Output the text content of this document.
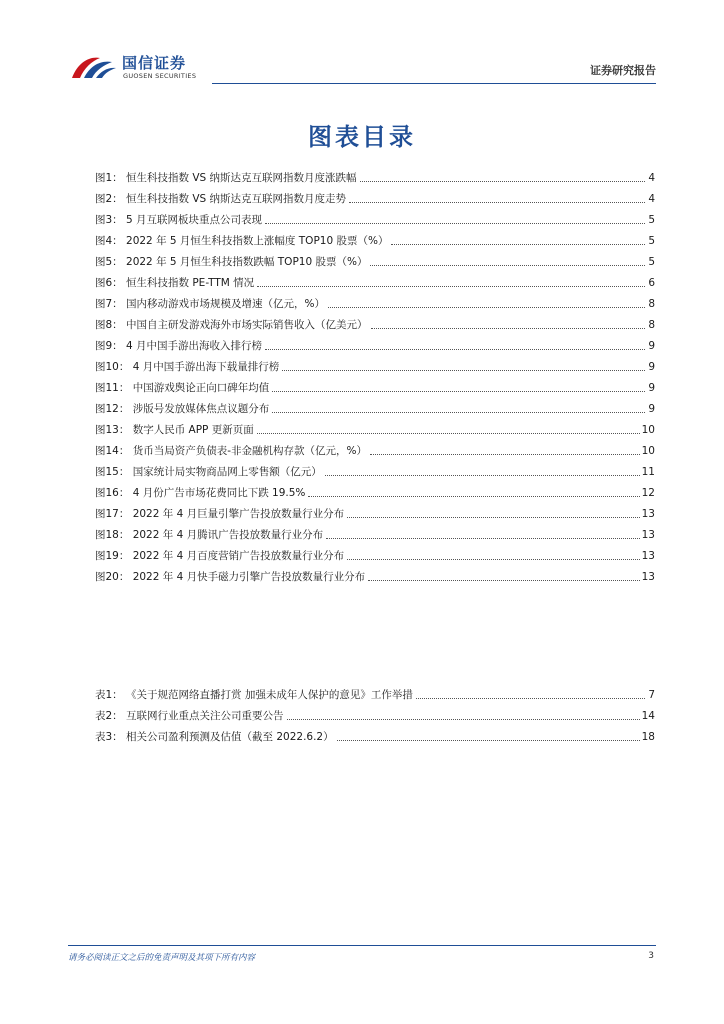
国信证券
GUOSEN SECURITIES	证券研究报告
图表目录
图1： 恒生科技指数 VS 纳斯达克互联网指数月度涨跌幅	4
图2： 恒生科技指数 VS 纳斯达克互联网指数月度走势	4
图3： 5 月互联网板块重点公司表现	5
图4： 2022 年 5 月恒生科技指数上涨幅度 TOP10 股票（%）	5
图5： 2022 年 5 月恒生科技指数跌幅 TOP10 股票（%）	5
图6： 恒生科技指数 PE-TTM 情况	6
图7： 国内移动游戏市场规模及增速（亿元，%）	8
图8： 中国自主研发游戏海外市场实际销售收入（亿美元）	8
图9： 4 月中国手游出海收入排行榜	9
图10： 4 月中国手游出海下载量排行榜	9
图11： 中国游戏舆论正向口碑年均值	9
图12： 涉版号发放媒体焦点议题分布	9
图13： 数字人民币 APP 更新页面	10
图14： 货币当局资产负债表-非金融机构存款（亿元，%）	10
图15： 国家统计局实物商品网上零售额（亿元）	11
图16： 4 月份广告市场花费同比下跌 19.5%	12
图17： 2022 年 4 月巨量引擎广告投放数量行业分布	13
图18： 2022 年 4 月腾讯广告投放数量行业分布	13
图19： 2022 年 4 月百度营销广告投放数量行业分布	13
图20： 2022 年 4 月快手磁力引擎广告投放数量行业分布	13
表1： 《关于规范网络直播打赏 加强未成年人保护的意见》工作举措	7
表2： 互联网行业重点关注公司重要公告	14
表3： 相关公司盈利预测及估值（截至 2022.6.2）	18
请务必阅读正文之后的免责声明及其项下所有内容	3
